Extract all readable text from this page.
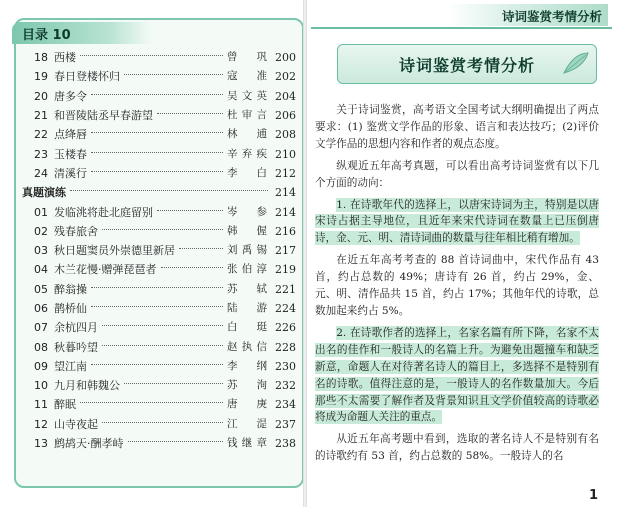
目录 10
18 西楼	曾 巩 200
19 春日登楼怀归	寇 准 202
20 唐多令	吴文英 204
21 和晋陵陆丞早春游望	杜审言 206
22 点绛唇	林 逋 208
23 玉楼春	辛弃疾 210
24 清溪行	李 白 212
真题演练	214
01 发临洮将赴北庭留别	岑 参 214
02 残春旅舍	韩 偓 216
03 秋日题窦员外崇德里新居	刘禹锡 217
04 木兰花慢·赠弹琵琶者	张伯淳 219
05 醉翁操	苏 轼 221
06 鹊桥仙	陆 游 224
07 余杭四月	白 珽 226
08 秋暮吟望	赵执信 228
09 望江南	李 纲 230
10 九月和韩魏公	苏 洵 232
11 醉眠	唐 庚 234
12 山寺夜起	江 湜 237
13 鹧鸪天·酬孝峙	钱继章 238
诗词鉴赏考情分析
诗词鉴赏考情分析

关于诗词鉴赏，高考语文全国考试大纲明确提出了两点要求：(1) 鉴赏文学作品的形象、语言和表达技巧；(2)评价文学作品的思想内容和作者的观点态度。

纵观近五年高考真题，可以看出高考诗词鉴赏有以下几个方面的动向：

1. 在诗歌年代的选择上，以唐宋诗词为主，特别是以唐宋诗占据主导地位，且近年来宋代诗词在数量上已压倒唐诗，金、元、明、清诗词曲的数量与往年相比稍有增加。

在近五年高考考查的 88 首诗词曲中，宋代作品有 43 首，约占总数的 49%；唐诗有 26 首，约占 29%，金、元、明、清作品共 15 首，约占 17%；其他年代的诗歌，总数加起来约占 5%。

2. 在诗歌作者的选择上，名家名篇有所下降，名家不太出名的佳作和一般诗人的名篇上升。为避免出题撞车和缺乏新意，命题人在对待著名诗人的篇目上，多选择不是特别有名的诗歌。值得注意的是，一般诗人的名作数量加大。今后那些不太需要了解作者及背景知识且文学价值较高的诗歌必将成为命题人关注的重点。

从近五年高考题中看到，选取的著名诗人不是特别有名的诗歌约有 53 首，约占总数的 58%。一般诗人的名

1
